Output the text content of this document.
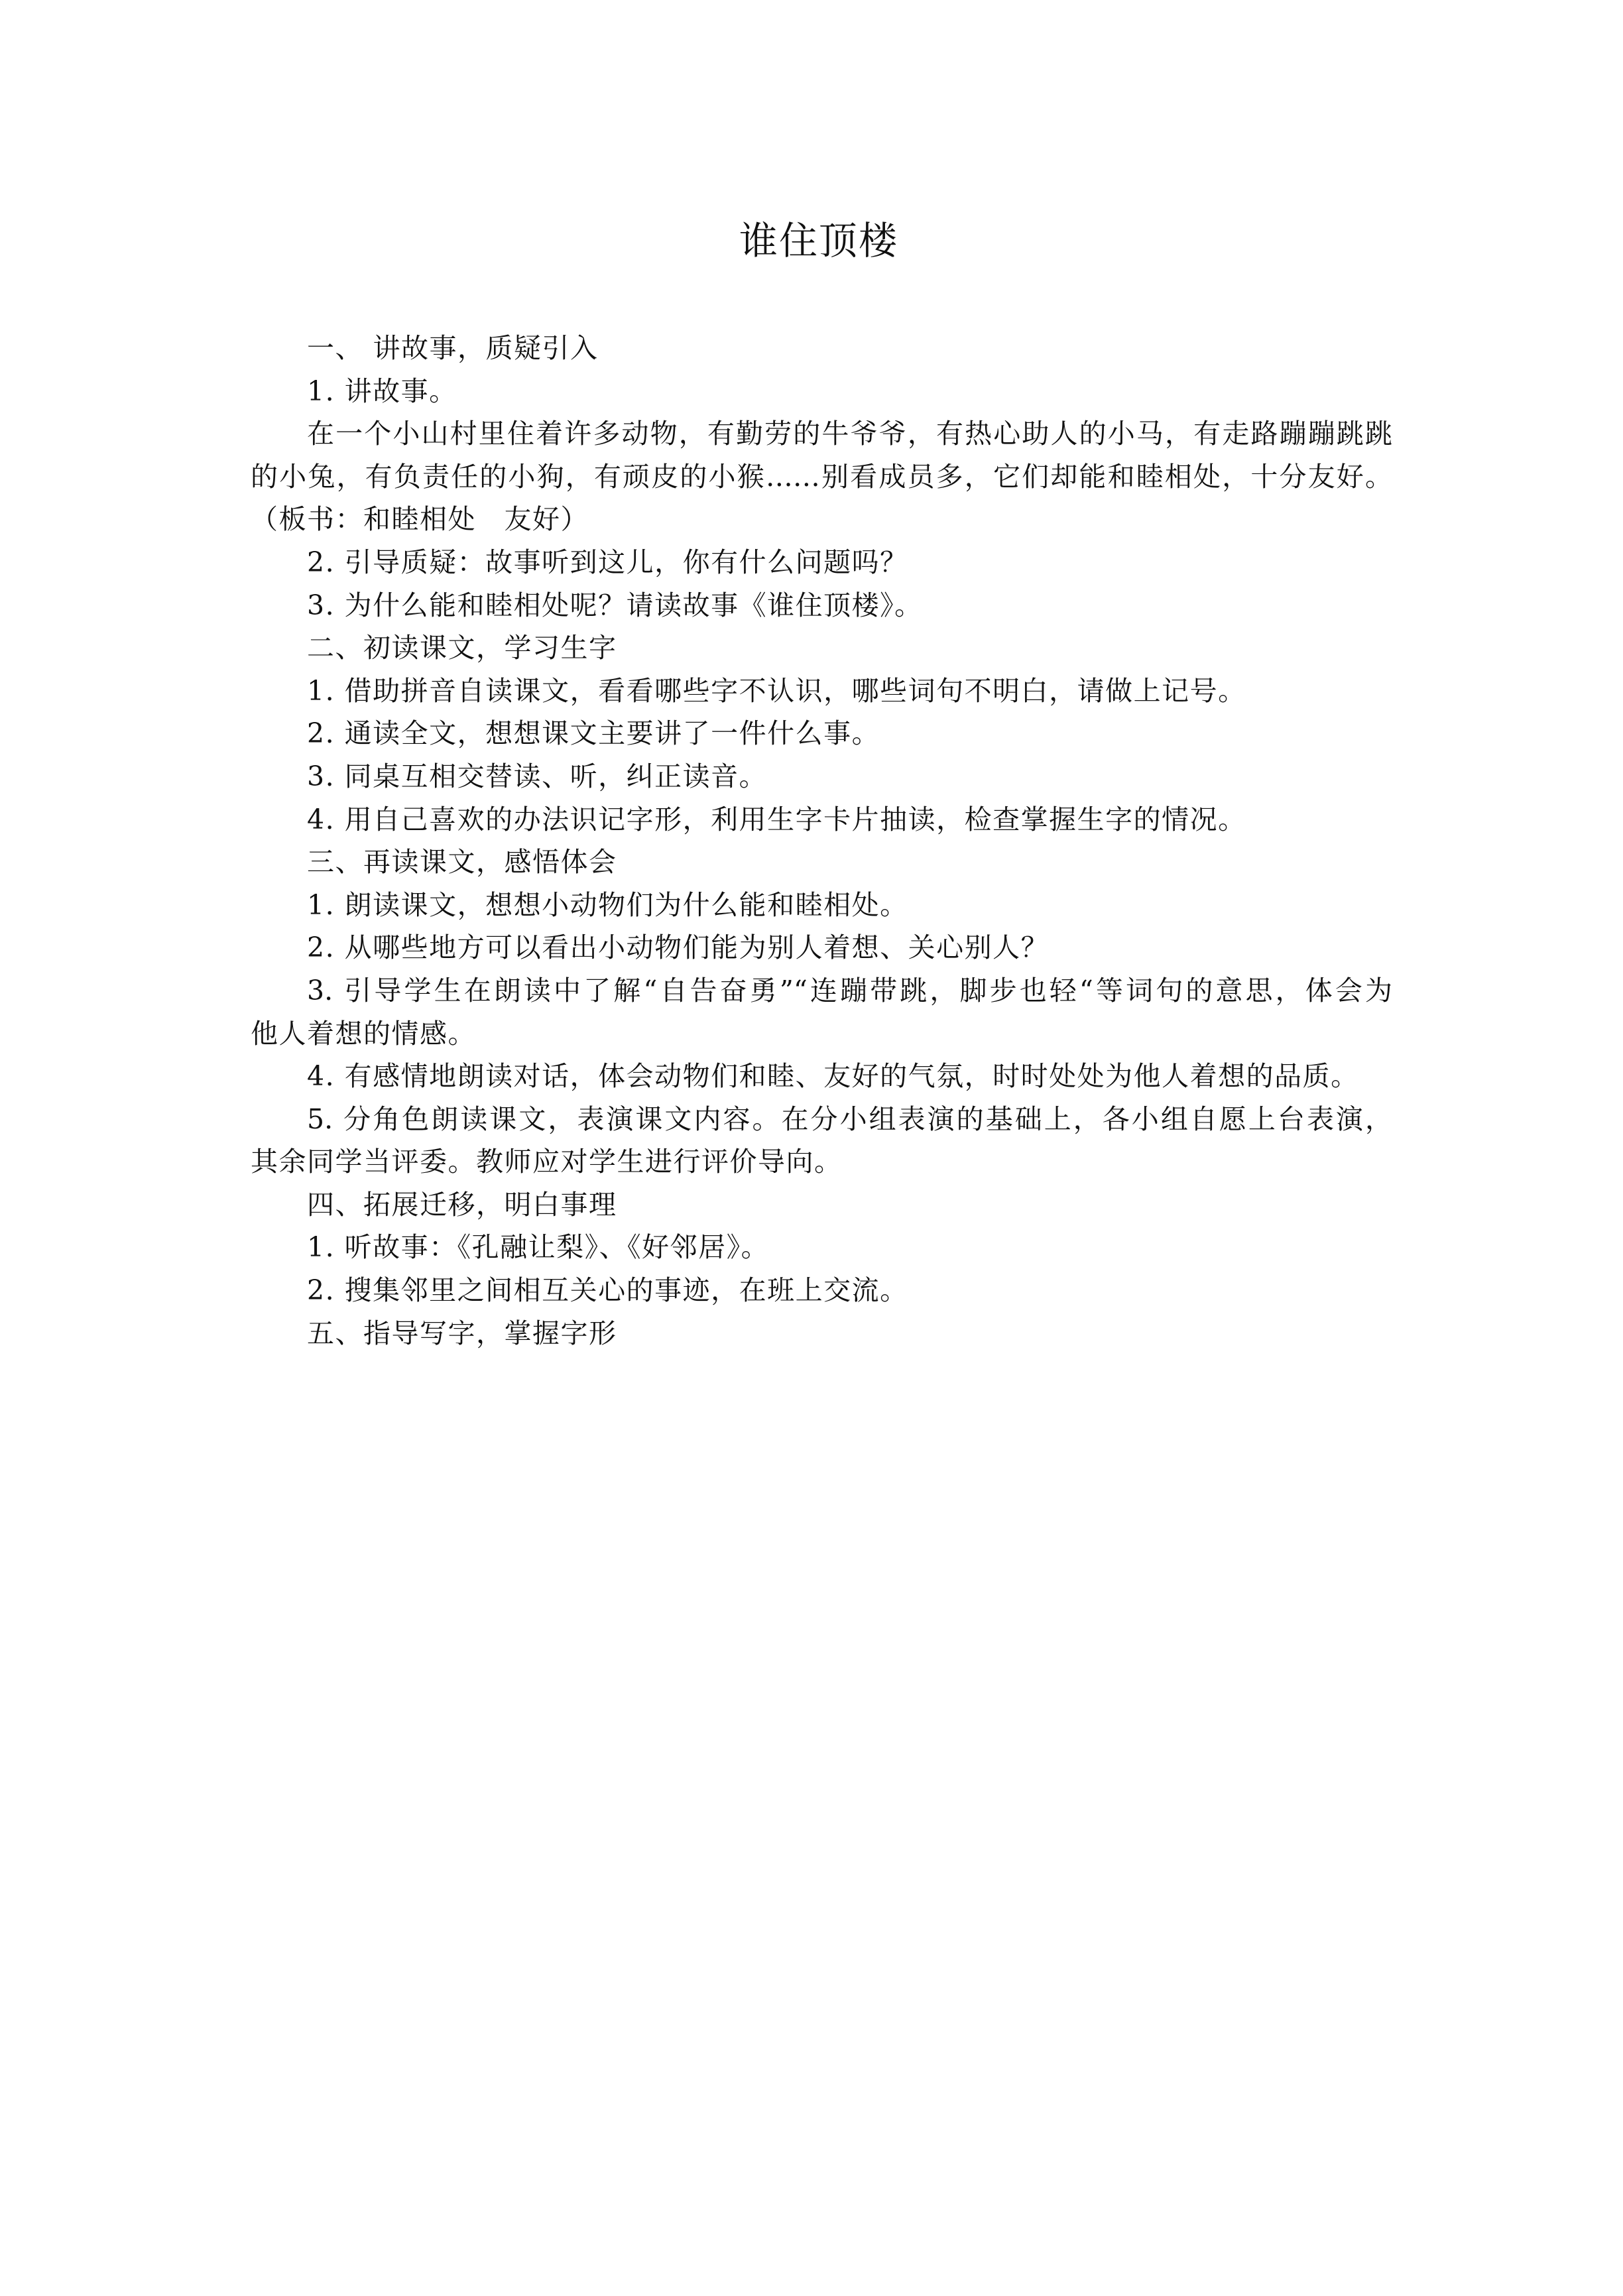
谁住顶楼
一、 讲故事，质疑引入
1. 讲故事。
在一个小山村里住着许多动物，有勤劳的牛爷爷，有热心助人的小马，有走路蹦蹦跳跳
的小兔，有负责任的小狗，有顽皮的小猴……别看成员多，它们却能和睦相处，十分友好。
（板书：和睦相处　友好）
2. 引导质疑：故事听到这儿，你有什么问题吗？
3. 为什么能和睦相处呢？请读故事《谁住顶楼》。
二、初读课文，学习生字
1. 借助拼音自读课文，看看哪些字不认识，哪些词句不明白，请做上记号。
2. 通读全文，想想课文主要讲了一件什么事。
3. 同桌互相交替读、听，纠正读音。
4. 用自己喜欢的办法识记字形，利用生字卡片抽读，检查掌握生字的情况。
三、再读课文，感悟体会
1. 朗读课文，想想小动物们为什么能和睦相处。
2. 从哪些地方可以看出小动物们能为别人着想、关心别人？
3. 引导学生在朗读中了解“自告奋勇”“连蹦带跳，脚步也轻“等词句的意思，体会为
他人着想的情感。
4. 有感情地朗读对话，体会动物们和睦、友好的气氛，时时处处为他人着想的品质。
5. 分角色朗读课文，表演课文内容。在分小组表演的基础上，各小组自愿上台表演，
其余同学当评委。教师应对学生进行评价导向。
四、拓展迁移，明白事理
1. 听故事：《孔融让梨》、《好邻居》。
2. 搜集邻里之间相互关心的事迹，在班上交流。
五、指导写字，掌握字形
